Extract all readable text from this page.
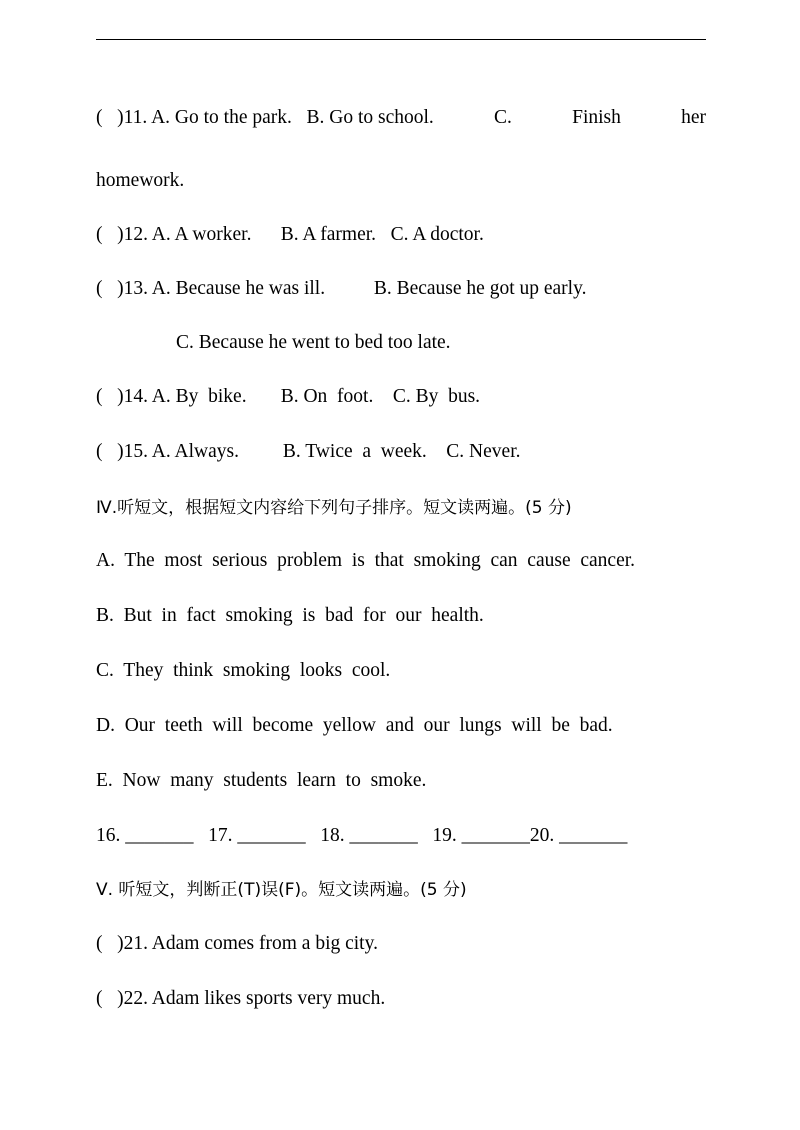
(   )11. A. Go to the park.   B. Go to school.	C.	Finish	her
homework.
(   )12. A. A worker.      B. A farmer.   C. A doctor.
(   )13. A. Because he was ill.          B. Because he got up early.
C. Because he went to bed too late.
(   )14. A. By  bike.       B. On  foot.    C. By  bus.
(   )15. A. Always.         B. Twice  a  week.    C. Never.
Ⅳ.听短文，根据短文内容给下列句子排序。短文读两遍。(5 分)
A.  The  most  serious  problem  is  that  smoking  can  cause  cancer.
B.  But  in  fact  smoking  is  bad  for  our  health.
C.  They  think  smoking  looks  cool.
D.  Our  teeth  will  become  yellow  and  our  lungs  will  be  bad.
E.  Now  many  students  learn  to  smoke.
16. _______   17. _______   18. _______   19. _______20. _______
Ⅴ. 听短文，判断正(T)误(F)。短文读两遍。(5 分)
(   )21. Adam comes from a big city.
(   )22. Adam likes sports very much.
